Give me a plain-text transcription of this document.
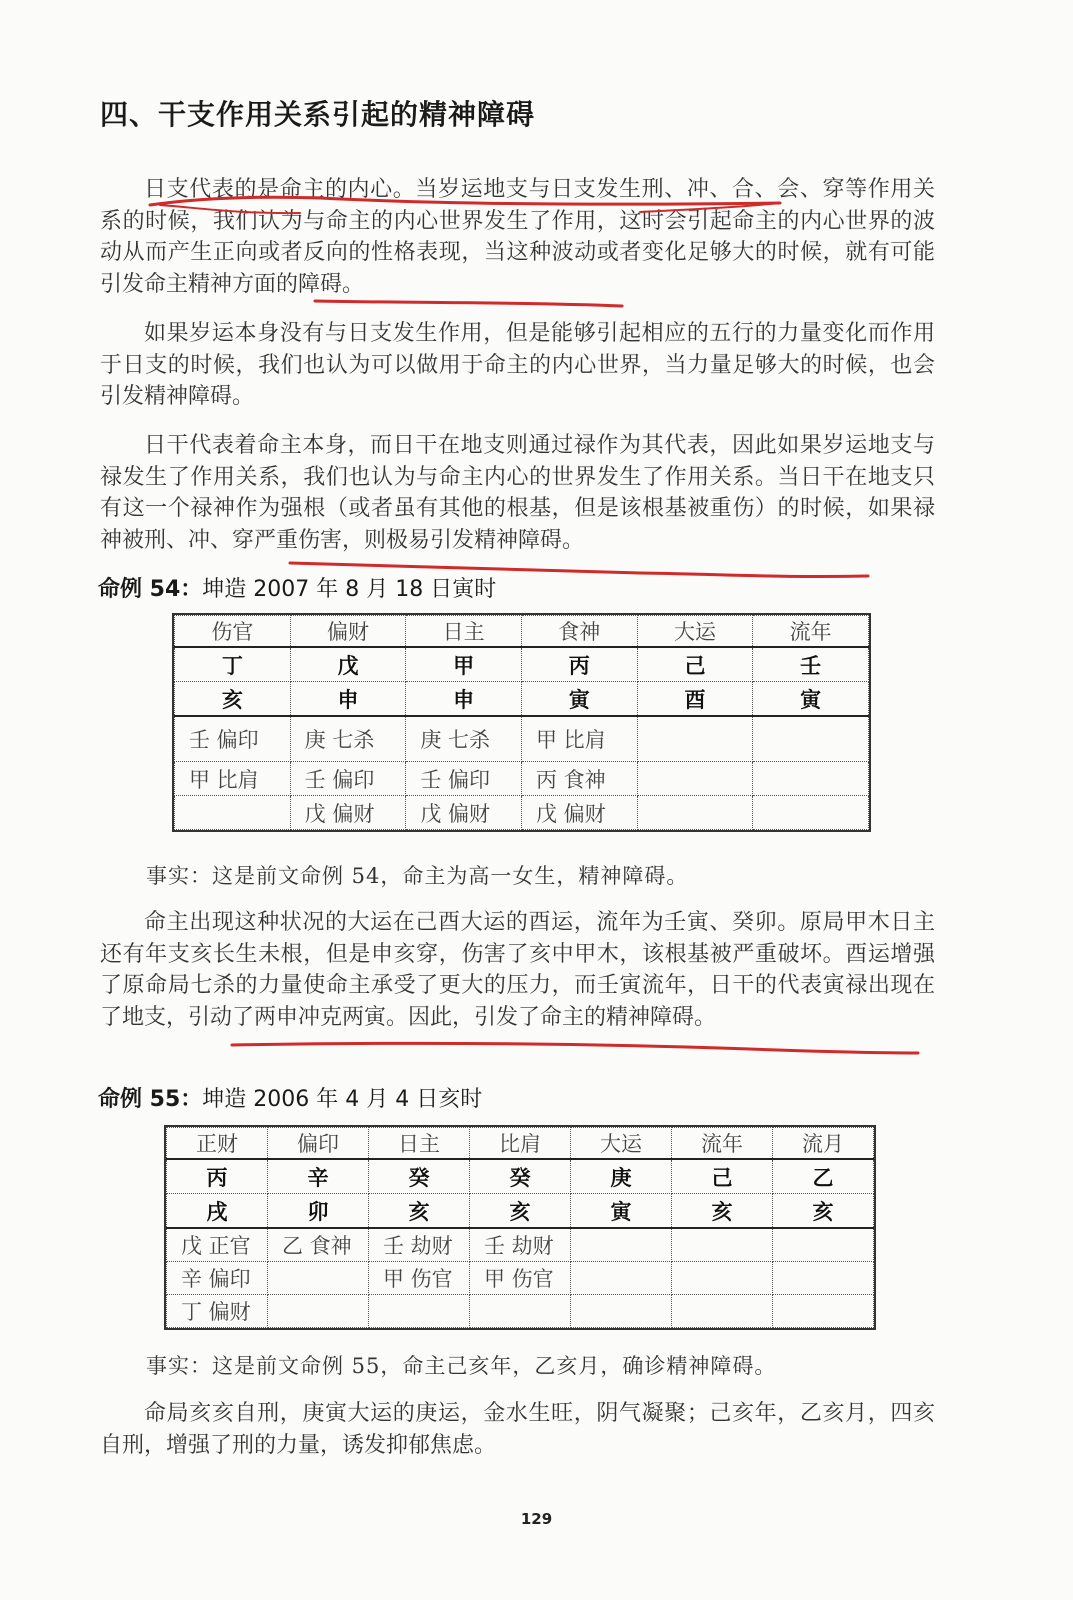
四、干支作用关系引起的精神障碍

日支代表的是命主的内心。当岁运地支与日支发生刑、冲、合、会、穿等作用关系的时候，我们认为与命主的内心世界发生了作用，这时会引起命主的内心世界的波动从而产生正向或者反向的性格表现，当这种波动或者变化足够大的时候，就有可能引发命主精神方面的障碍。

如果岁运本身没有与日支发生作用，但是能够引起相应的五行的力量变化而作用于日支的时候，我们也认为可以做用于命主的内心世界，当力量足够大的时候，也会引发精神障碍。

日干代表着命主本身，而日干在地支则通过禄作为其代表，因此如果岁运地支与禄发生了作用关系，我们也认为与命主内心的世界发生了作用关系。当日干在地支只有这一个禄神作为强根（或者虽有其他的根基，但是该根基被重伤）的时候，如果禄神被刑、冲、穿严重伤害，则极易引发精神障碍。

命例 54：坤造 2007 年 8 月 18 日寅时

伤官	偏财	日主	食神	大运	流年
丁	戊	甲	丙	己	壬
亥	申	申	寅	酉	寅
壬 偏印	庚 七杀	庚 七杀	甲 比肩		
甲 比肩	壬 偏印	壬 偏印	丙 食神		
	戊 偏财	戊 偏财	戊 偏财		

事实：这是前文命例 54，命主为高一女生，精神障碍。

命主出现这种状况的大运在己酉大运的酉运，流年为壬寅、癸卯。原局甲木日主还有年支亥长生未根，但是申亥穿，伤害了亥中甲木，该根基被严重破坏。酉运增强了原命局七杀的力量使命主承受了更大的压力，而壬寅流年，日干的代表寅禄出现在了地支，引动了两申冲克两寅。因此，引发了命主的精神障碍。

命例 55：坤造 2006 年 4 月 4 日亥时

正财	偏印	日主	比肩	大运	流年	流月
丙	辛	癸	癸	庚	己	乙
戌	卯	亥	亥	寅	亥	亥
戊 正官	乙 食神	壬 劫财	壬 劫财			
辛 偏印		甲 伤官	甲 伤官			
丁 偏财						

事实：这是前文命例 55，命主己亥年，乙亥月，确诊精神障碍。

命局亥亥自刑，庚寅大运的庚运，金水生旺，阴气凝聚；己亥年，乙亥月，四亥自刑，增强了刑的力量，诱发抑郁焦虑。

129
